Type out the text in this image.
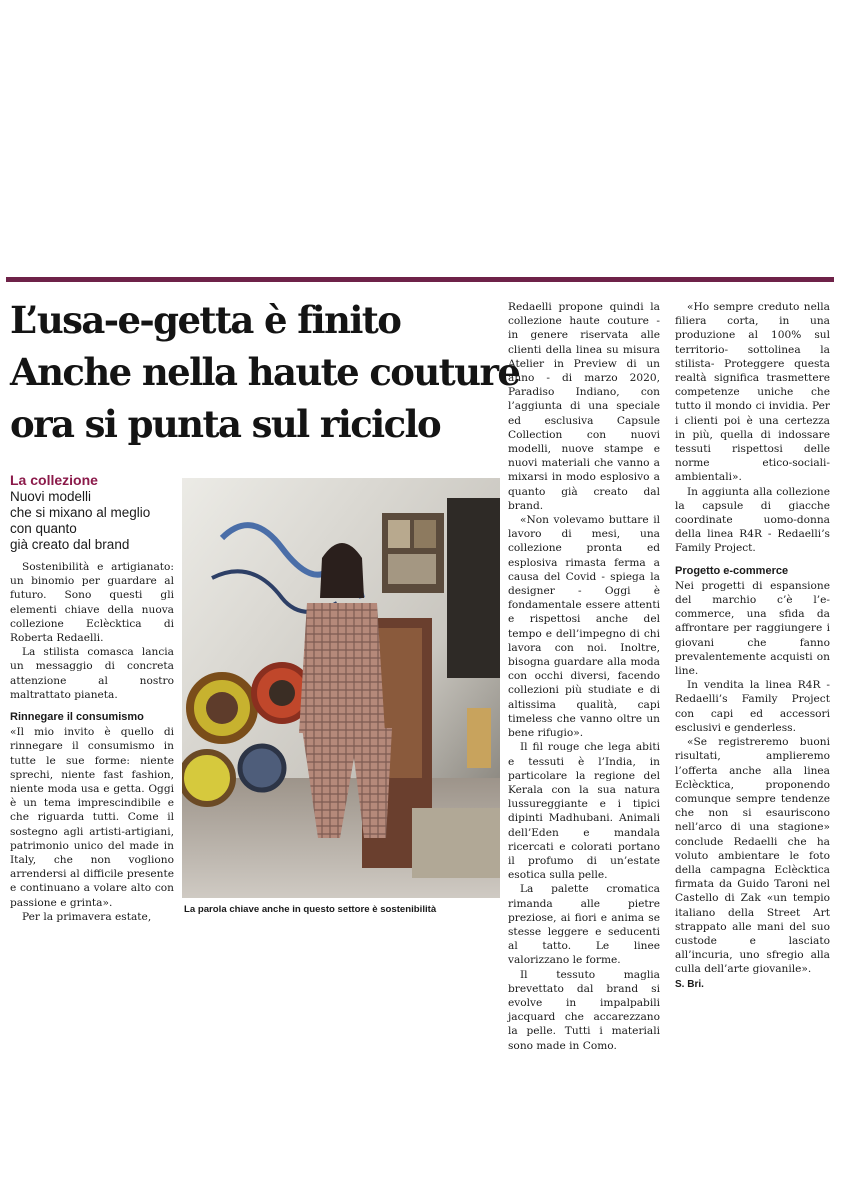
L’usa-e-getta è finito
Anche nella haute couture
ora si punta sul riciclo

La collezione

Nuovi modelli
che si mixano al meglio
con quanto
già creato dal brand

Sostenibilità e artigianato: un binomio per guardare al futuro. Sono questi gli elementi chiave della nuova collezione Eclècktica di Roberta Redaelli.

La stilista comasca lancia un messaggio di concreta attenzione al nostro maltrattato pianeta.

Rinnegare il consumismo

«Il mio invito è quello di rinnegare il consumismo in tutte le sue forme: niente sprechi, niente fast fashion, niente moda usa e getta. Oggi è un tema imprescindibile e che riguarda tutti. Come il sostegno agli artisti-artigiani, patrimonio unico del made in Italy, che non vogliono arrendersi al difficile presente e continuano a volare alto con passione e grinta».

Per la primavera estate,

La parola chiave anche in questo settore è sostenibilità

Redaelli propone quindi la collezione haute couture - in genere riservata alle clienti della linea su misura Atelier in Preview di un anno - di marzo 2020, Paradiso Indiano, con l’aggiunta di una speciale ed esclusiva Capsule Collection con nuovi modelli, nuove stampe e nuovi materiali che vanno a mixarsi in modo esplosivo a quanto già creato dal brand.

«Non volevamo buttare il lavoro di mesi, una collezione pronta ed esplosiva rimasta ferma a causa del Covid - spiega la designer - Oggi è fondamentale essere attenti e rispettosi anche del tempo e dell’impegno di chi lavora con noi. Inoltre, bisogna guardare alla moda con occhi diversi, facendo collezioni più studiate e di altissima qualità, capi timeless che vanno oltre un bene rifugio».

Il fil rouge che lega abiti e tessuti è l’India, in particolare la regione del Kerala con la sua natura lussureggiante e i tipici dipinti Madhubani. Animali dell’Eden e mandala ricercati e colorati portano il profumo di un’estate esotica sulla pelle.

La palette cromatica rimanda alle pietre preziose, ai fiori e anima se stesse leggere e seducenti al tatto. Le linee valorizzano le forme.

Il tessuto maglia brevettato dal brand si evolve in impalpabili jacquard che accarezzano la pelle. Tutti i materiali sono made in Como.

«Ho sempre creduto nella filiera corta, in una produzione al 100% sul territorio- sottolinea la stilista- Proteggere questa realtà significa trasmettere competenze uniche che tutto il mondo ci invidia. Per i clienti poi è una certezza in più, quella di indossare tessuti rispettosi delle norme etico-sociali-ambientali».

In aggiunta alla collezione la capsule di giacche coordinate uomo-donna della linea R4R - Redaelli’s Family Project.

Progetto e-commerce

Nei progetti di espansione del marchio c’è l’e-commerce, una sfida da affrontare per raggiungere i giovani che fanno prevalentemente acquisti on line.

In vendita la linea R4R - Redaelli’s Family Project con capi ed accessori esclusivi e genderless.

«Se registreremo buoni risultati, amplieremo l’offerta anche alla linea Eclècktica, proponendo comunque sempre tendenze che non si esauriscono nell’arco di una stagione» conclude Redaelli che ha voluto ambientare le foto della campagna Eclècktica firmata da Guido Taroni nel Castello di Zak «un tempio italiano della Street Art strappato alle mani del suo custode e lasciato all’incuria, uno sfregio alla culla dell’arte giovanile».

S. Bri.
